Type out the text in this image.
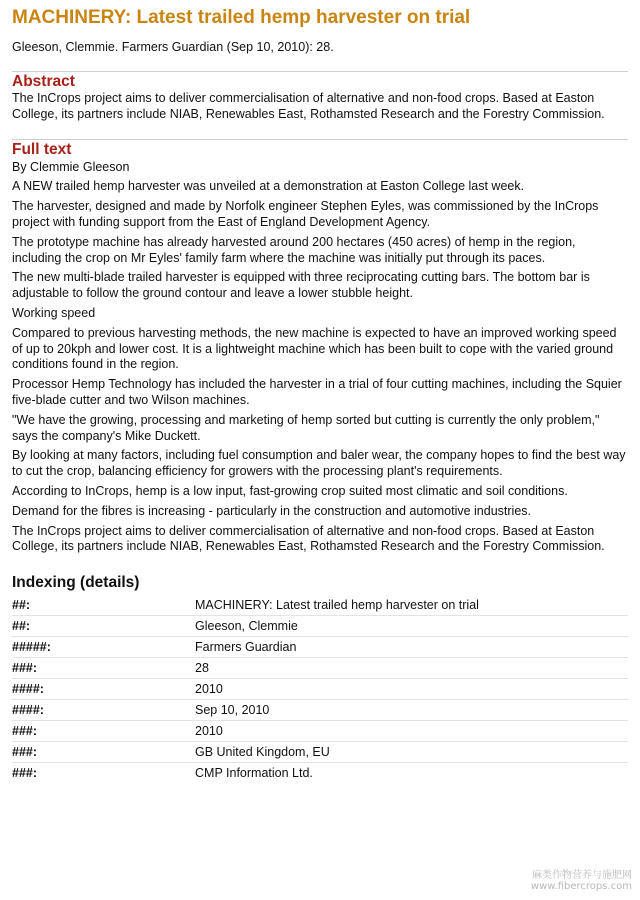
MACHINERY: Latest trailed hemp harvester on trial
Gleeson, Clemmie. Farmers Guardian (Sep 10, 2010): 28.
Abstract
The InCrops project aims to deliver commercialisation of alternative and non-food crops. Based at Easton College, its partners include NIAB, Renewables East, Rothamsted Research and the Forestry Commission.
Full text
By Clemmie Gleeson
A NEW trailed hemp harvester was unveiled at a demonstration at Easton College last week.
The harvester, designed and made by Norfolk engineer Stephen Eyles, was commissioned by the InCrops project with funding support from the East of England Development Agency.
The prototype machine has already harvested around 200 hectares (450 acres) of hemp in the region, including the crop on Mr Eyles' family farm where the machine was initially put through its paces.
The new multi-blade trailed harvester is equipped with three reciprocating cutting bars. The bottom bar is adjustable to follow the ground contour and leave a lower stubble height.
Working speed
Compared to previous harvesting methods, the new machine is expected to have an improved working speed of up to 20kph and lower cost. It is a lightweight machine which has been built to cope with the varied ground conditions found in the region.
Processor Hemp Technology has included the harvester in a trial of four cutting machines, including the Squier five-blade cutter and two Wilson machines.
"We have the growing, processing and marketing of hemp sorted but cutting is currently the only problem," says the company's Mike Duckett.
By looking at many factors, including fuel consumption and baler wear, the company hopes to find the best way to cut the crop, balancing efficiency for growers with the processing plant's requirements.
According to InCrops, hemp is a low input, fast-growing crop suited most climatic and soil conditions.
Demand for the fibres is increasing - particularly in the construction and automotive industries.
The InCrops project aims to deliver commercialisation of alternative and non-food crops. Based at Easton College, its partners include NIAB, Renewables East, Rothamsted Research and the Forestry Commission.
Indexing (details)
##:	MACHINERY: Latest trailed hemp harvester on trial
##:	Gleeson, Clemmie
#####:	Farmers Guardian
###:	28
####:	2010
####:	Sep 10, 2010
###:	2010
###:	GB United Kingdom, EU
###:	CMP Information Ltd.
麻类作物营养与施肥网
www.fibercrops.com
